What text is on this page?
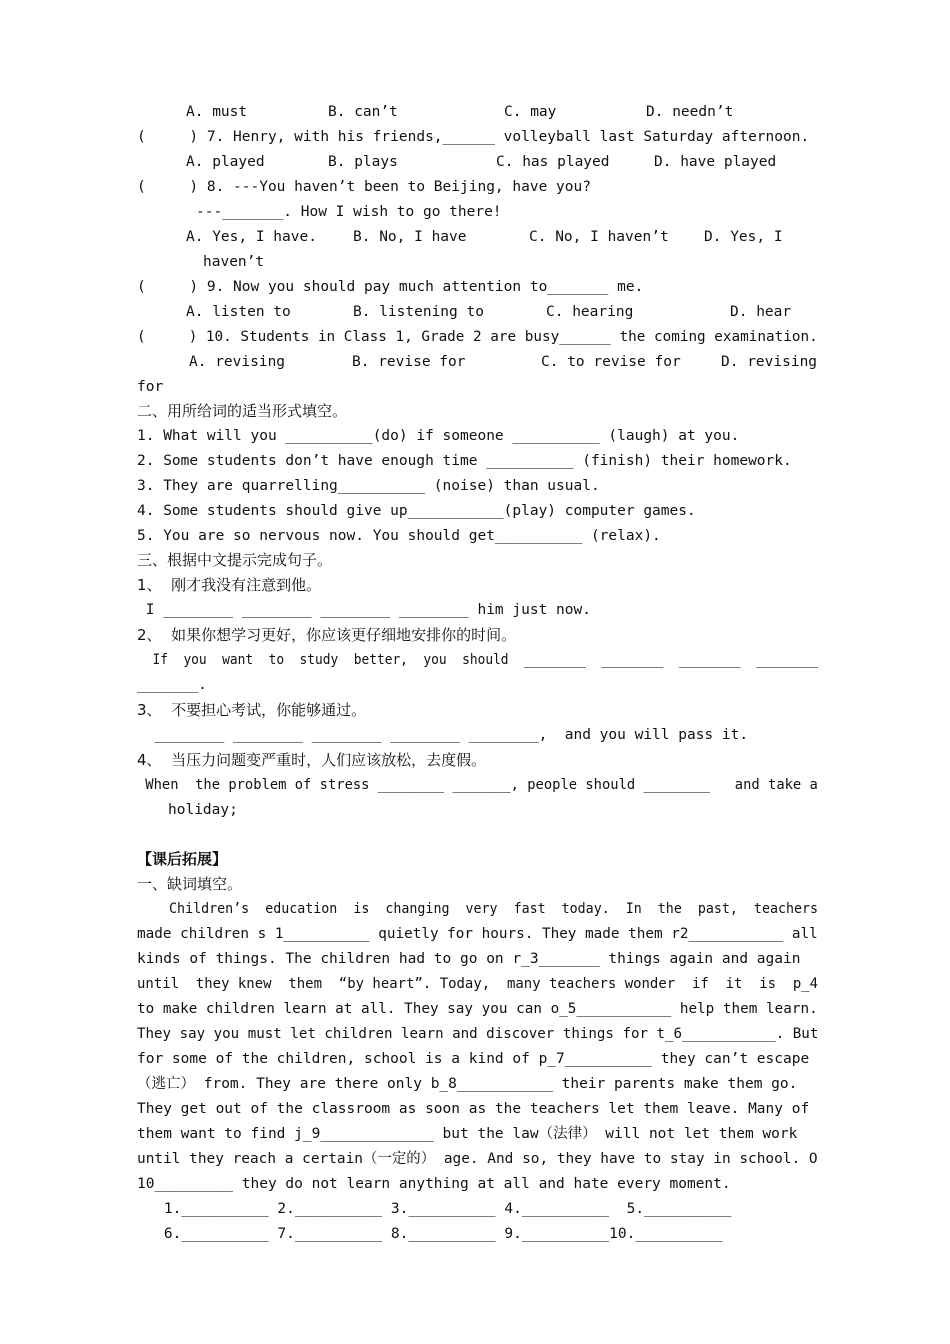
A. must	B. can’t	C. may	D. needn’t
(     ) 7. Henry, with his friends,______ volleyball last Saturday afternoon.
A. played	B. plays	C. has played	D. have played
(     ) 8. ---You haven’t been to Beijing, have you?
---_______. How I wish to go there!
A. Yes, I have. B. No, I have	C. No, I haven’t D. Yes, I
haven’t
(     ) 9. Now you should pay much attention to_______ me.
A. listen to	B. listening to	C. hearing	D. hear
(     ) 10. Students in Class 1, Grade 2 are busy______ the coming examination.
A. revising	B. revise for	C. to revise for	D. revising
for
二、用所给词的适当形式填空。
1. What will you __________(do) if someone __________ (laugh) at you.
2. Some students don’t have enough time __________ (finish) their homework.
3. They are quarrelling__________ (noise) than usual.
4. Some students should give up___________(play) computer games.
5. You are so nervous now. You should get__________ (relax).
三、根据中文提示完成句子。
1、  刚才我没有注意到他。
I ________ ________ ________ ________ him just now.
2、  如果你想学习更好，你应该更仔细地安排你的时间。
If  you  want  to  study  better,  you  should  ________  ________  ________  ________
_______.
3、  不要担心考试，你能够通过。
________ ________ ________ ________ ________,  and you will pass it.
4、  当压力问题变严重时，人们应该放松，去度假。
When  the problem of stress ________ _______, people should ________   and take a
holiday;
【课后拓展】
一、缺词填空。
Children’s  education  is  changing  very  fast  today.  In  the  past,  teachers
made children s 1__________ quietly for hours. They made them r2___________ all
kinds of things. The children had to go on r_3_______ things again and again
until  they knew  them  “by heart”. Today,  many teachers wonder  if  it  is  p_4
to make children learn at all. They say you can o_5___________ help them learn.
They say you must let children learn and discover things for t_6___________. But
for some of the children, school is a kind of p_7__________ they can’t escape
（逃亡） from. They are there only b_8___________ their parents make them go.
They get out of the classroom as soon as the teachers let them leave. Many of
them want to find j_9_____________ but the law（法律） will not let them work
until they reach a certain（一定的） age. And so, they have to stay in school. O
10_________ they do not learn anything at all and hate every moment.
1.__________ 2.__________ 3.__________ 4.__________  5.__________
6.__________ 7.__________ 8.__________ 9.__________10.__________
